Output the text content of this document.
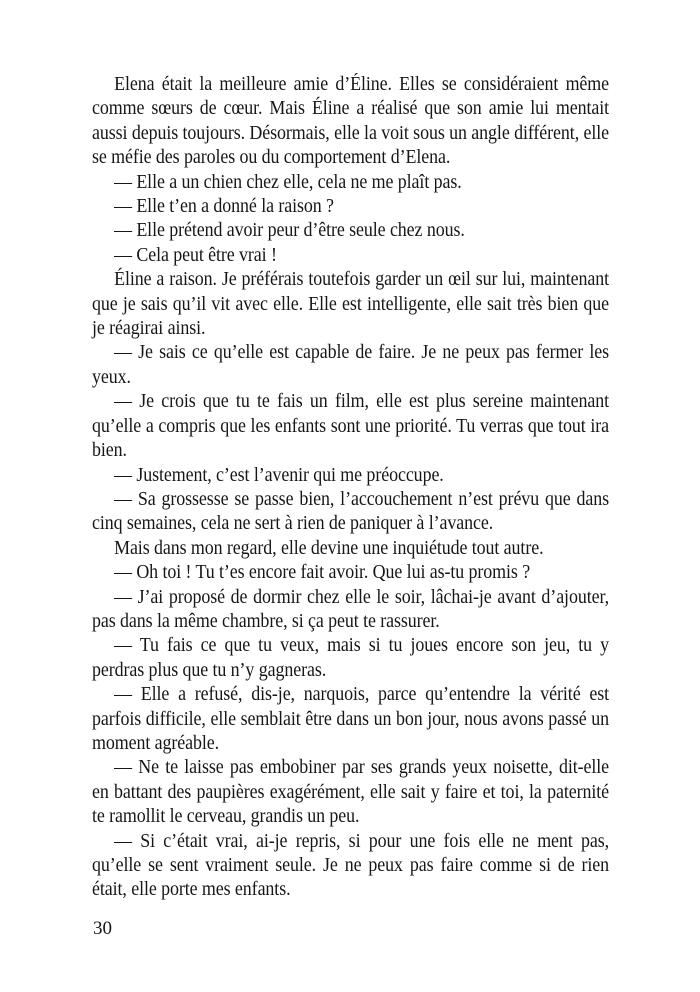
Elena était la meilleure amie d’Éline. Elles se considéraient même comme sœurs de cœur. Mais Éline a réalisé que son amie lui mentait aussi depuis toujours. Désormais, elle la voit sous un angle différent, elle se méfie des paroles ou du comportement d’Elena.

— Elle a un chien chez elle, cela ne me plaît pas.

— Elle t’en a donné la raison ?

— Elle prétend avoir peur d’être seule chez nous.

— Cela peut être vrai !

Éline a raison. Je préférais toutefois garder un œil sur lui, maintenant que je sais qu’il vit avec elle. Elle est intelligente, elle sait très bien que je réagirai ainsi.

— Je sais ce qu’elle est capable de faire. Je ne peux pas fermer les yeux.

— Je crois que tu te fais un film, elle est plus sereine maintenant qu’elle a compris que les enfants sont une priorité. Tu verras que tout ira bien.

— Justement, c’est l’avenir qui me préoccupe.

— Sa grossesse se passe bien, l’accouchement n’est prévu que dans cinq semaines, cela ne sert à rien de paniquer à l’avance.

Mais dans mon regard, elle devine une inquiétude tout autre.

— Oh toi ! Tu t’es encore fait avoir. Que lui as-tu promis ?

— J’ai proposé de dormir chez elle le soir, lâchai-je avant d’ajouter, pas dans la même chambre, si ça peut te rassurer.

— Tu fais ce que tu veux, mais si tu joues encore son jeu, tu y perdras plus que tu n’y gagneras.

— Elle a refusé, dis-je, narquois, parce qu’entendre la vérité est parfois difficile, elle semblait être dans un bon jour, nous avons passé un moment agréable.

— Ne te laisse pas embobiner par ses grands yeux noisette, dit-elle en battant des paupières exagérément, elle sait y faire et toi, la paternité te ramollit le cerveau, grandis un peu.

— Si c’était vrai, ai-je repris, si pour une fois elle ne ment pas, qu’elle se sent vraiment seule. Je ne peux pas faire comme si de rien était, elle porte mes enfants.

30
